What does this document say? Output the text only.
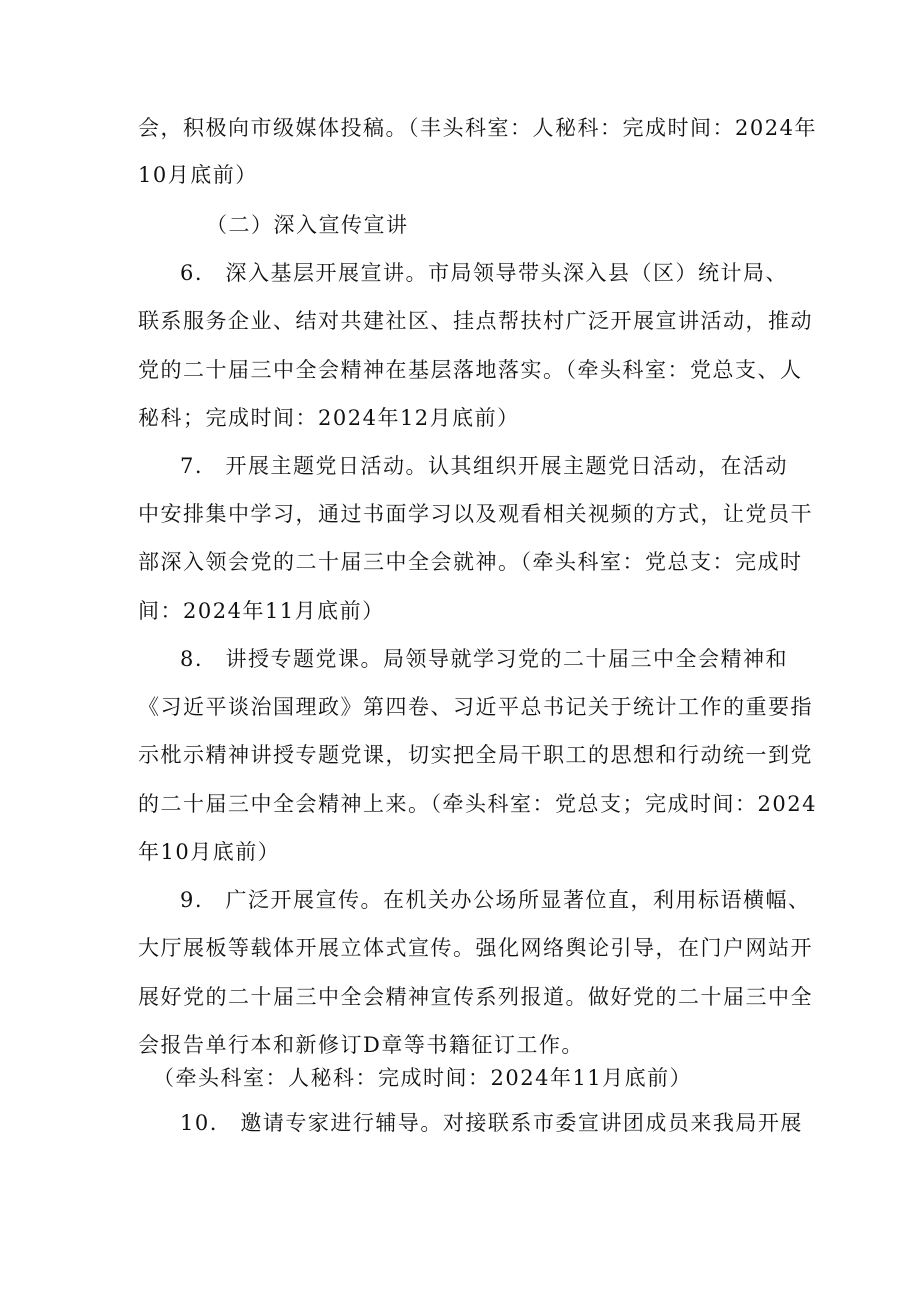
会，积极向市级媒体投稿。（丰头科室：人秘科：完成时间：2024年
10月底前）
（二）深入宣传宣讲
6.　深入基层开展宣讲。市局领导带头深入县（区）统计局、
联系服务企业、结对共建社区、挂点帮扶村广泛开展宣讲活动，推动
党的二十届三中全会精神在基层落地落实。（牵头科室：党总支、人
秘科；完成时间：2024年12月底前）
7.　开展主题党日活动。认其组织开展主题党日活动，在活动
中安排集中学习，通过书面学习以及观看相关视频的方式，让党员干
部深入领会党的二十届三中全会就神。（牵头科室：党总支：完成时
间：2024年11月底前）
8.　讲授专题党课。局领导就学习党的二十届三中全会精神和
《习近平谈治国理政》第四卷、习近平总书记关于统计工作的重要指
示枇示精神讲授专题党课，切实把全局干职工的思想和行动统一到党
的二十届三中全会精神上来。（牵头科室：党总支；完成时间：2024
年10月底前）
9.　广泛开展宣传。在机关办公场所显著位直，利用标语横幅、
大厅展板等载体开展立体式宣传。强化网络舆论引导，在门户网站开
展好党的二十届三中全会精神宣传系列报道。做好党的二十届三中全
会报告单行本和新修订D章等书籍征订工作。
（牵头科室：人秘科：完成时间：2024年11月底前）
10.　邀请专家进行辅导。对接联系市委宣讲团成员来我局开展
